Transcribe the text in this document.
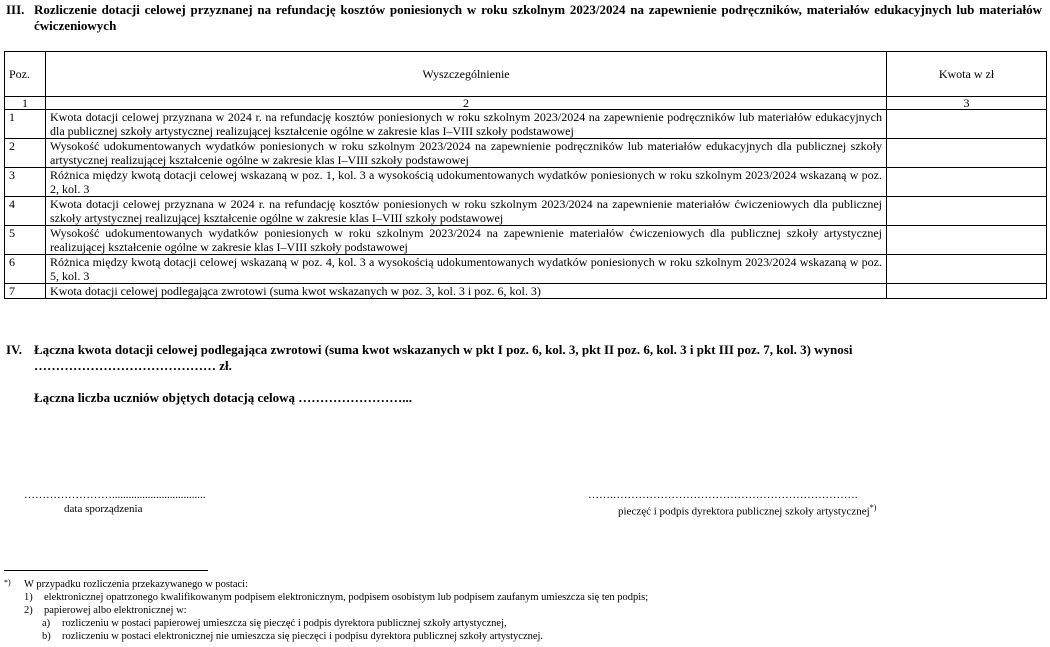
III. Rozliczenie dotacji celowej przyznanej na refundację kosztów poniesionych w roku szkolnym 2023/2024 na zapewnienie podręczników, materiałów edukacyjnych lub materiałów ćwiczeniowych
Poz.	Wyszczególnienie	Kwota w zł
1	2	3
1	Kwota dotacji celowej przyznana w 2024 r. na refundację kosztów poniesionych w roku szkolnym 2023/2024 na zapewnienie podręczników lub materiałów edukacyjnych dla publicznej szkoły artystycznej realizującej kształcenie ogólne w zakresie klas I–VIII szkoły podstawowej	
2	Wysokość udokumentowanych wydatków poniesionych w roku szkolnym 2023/2024 na zapewnienie podręczników lub materiałów edukacyjnych dla publicznej szkoły artystycznej realizującej kształcenie ogólne w zakresie klas I–VIII szkoły podstawowej	
3	Różnica między kwotą dotacji celowej wskazaną w poz. 1, kol. 3 a wysokością udokumentowanych wydatków poniesionych w roku szkolnym 2023/2024 wskazaną w poz. 2, kol. 3	
4	Kwota dotacji celowej przyznana w 2024 r. na refundację kosztów poniesionych w roku szkolnym 2023/2024 na zapewnienie materiałów ćwiczeniowych dla publicznej szkoły artystycznej realizującej kształcenie ogólne w zakresie klas I–VIII szkoły podstawowej	
5	Wysokość udokumentowanych wydatków poniesionych w roku szkolnym 2023/2024 na zapewnienie materiałów ćwiczeniowych dla publicznej szkoły artystycznej realizującej kształcenie ogólne w zakresie klas I–VIII szkoły podstawowej	
6	Różnica między kwotą dotacji celowej wskazaną w poz. 4, kol. 3 a wysokością udokumentowanych wydatków poniesionych w roku szkolnym 2023/2024 wskazaną w poz. 5, kol. 3	
7	Kwota dotacji celowej podlegająca zwrotowi (suma kwot wskazanych w poz. 3, kol. 3 i poz. 6, kol. 3)	
IV. Łączna kwota dotacji celowej podlegająca zwrotowi (suma kwot wskazanych w pkt I poz. 6, kol. 3, pkt II poz. 6, kol. 3 i pkt III poz. 7, kol. 3) wynosi
…………………………………… zł.
Łączna liczba uczniów objętych dotacją celową ……………………...
……………………..................................
data sporządzenia
…….………………………………………………………….
pieczęć i podpis dyrektora publicznej szkoły artystycznej*)
*)	W przypadku rozliczenia przekazywanego w postaci:
1) elektronicznej opatrzonego kwalifikowanym podpisem elektronicznym, podpisem osobistym lub podpisem zaufanym umieszcza się ten podpis;
2) papierowej albo elektronicznej w:
a) rozliczeniu w postaci papierowej umieszcza się pieczęć i podpis dyrektora publicznej szkoły artystycznej,
b) rozliczeniu w postaci elektronicznej nie umieszcza się pieczęci i podpisu dyrektora publicznej szkoły artystycznej.
